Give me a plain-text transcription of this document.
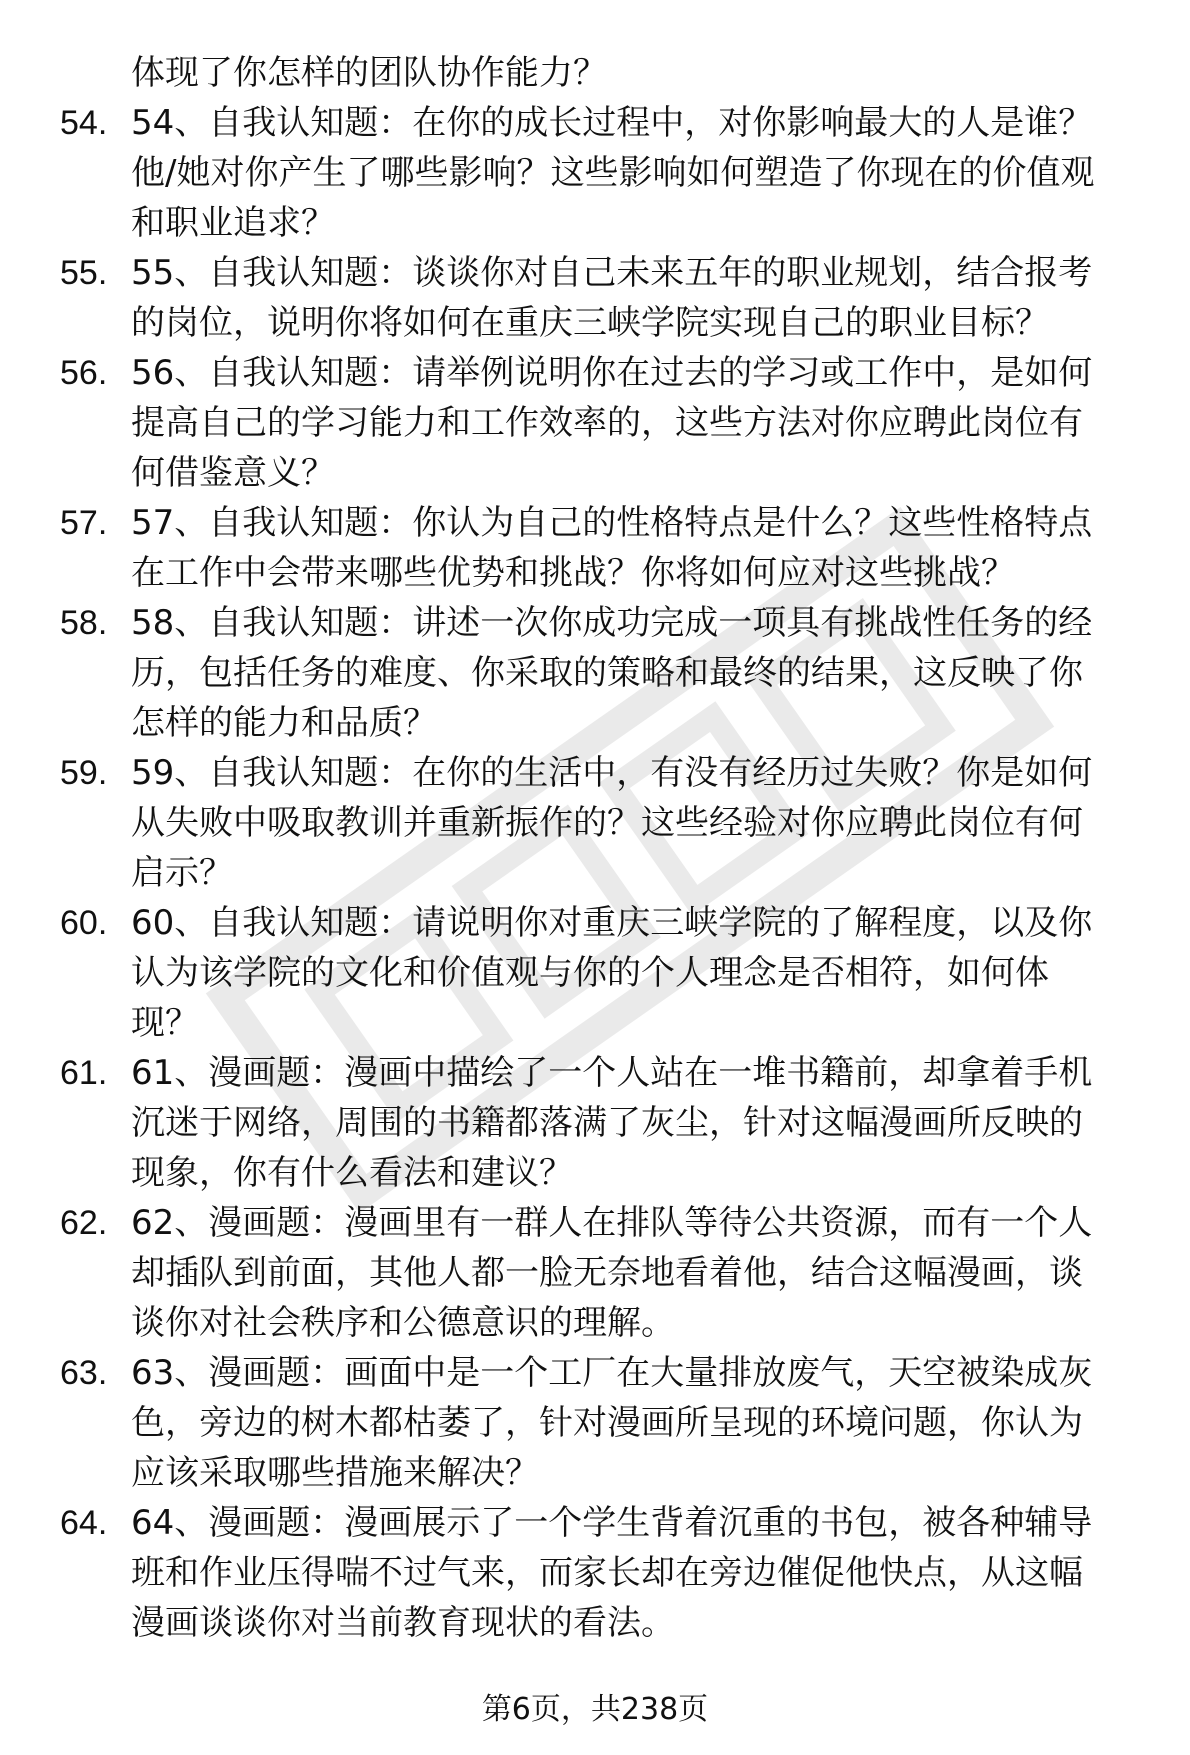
体现了你怎样的团队协作能力？
54. 54、自我认知题：在你的成长过程中，对你影响最大的人是谁？
他/她对你产生了哪些影响？这些影响如何塑造了你现在的价值观
和职业追求？
55. 55、自我认知题：谈谈你对自己未来五年的职业规划，结合报考
的岗位，说明你将如何在重庆三峡学院实现自己的职业目标？
56. 56、自我认知题：请举例说明你在过去的学习或工作中，是如何
提高自己的学习能力和工作效率的，这些方法对你应聘此岗位有
何借鉴意义？
57. 57、自我认知题：你认为自己的性格特点是什么？这些性格特点
在工作中会带来哪些优势和挑战？你将如何应对这些挑战？
58. 58、自我认知题：讲述一次你成功完成一项具有挑战性任务的经
历，包括任务的难度、你采取的策略和最终的结果，这反映了你
怎样的能力和品质？
59. 59、自我认知题：在你的生活中，有没有经历过失败？你是如何
从失败中吸取教训并重新振作的？这些经验对你应聘此岗位有何
启示？
60. 60、自我认知题：请说明你对重庆三峡学院的了解程度，以及你
认为该学院的文化和价值观与你的个人理念是否相符，如何体
现？
61. 61、漫画题：漫画中描绘了一个人站在一堆书籍前，却拿着手机
沉迷于网络，周围的书籍都落满了灰尘，针对这幅漫画所反映的
现象，你有什么看法和建议？
62. 62、漫画题：漫画里有一群人在排队等待公共资源，而有一个人
却插队到前面，其他人都一脸无奈地看着他，结合这幅漫画，谈
谈你对社会秩序和公德意识的理解。
63. 63、漫画题：画面中是一个工厂在大量排放废气，天空被染成灰
色，旁边的树木都枯萎了，针对漫画所呈现的环境问题，你认为
应该采取哪些措施来解决？
64. 64、漫画题：漫画展示了一个学生背着沉重的书包，被各种辅导
班和作业压得喘不过气来，而家长却在旁边催促他快点，从这幅
漫画谈谈你对当前教育现状的看法。
第6页，共238页
